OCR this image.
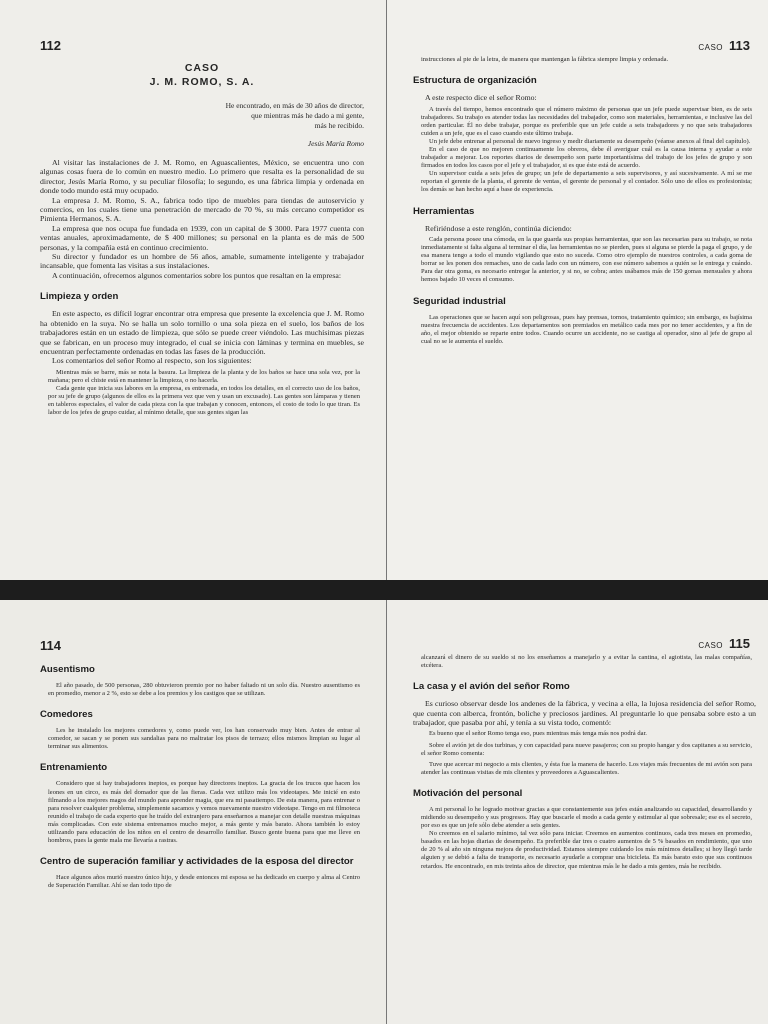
112
CASO
J. M. ROMO, S. A.
He encontrado, en más de 30 años de director,
que mientras más he dado a mi gente,
más he recibido.
Jesús María Romo

Al visitar las instalaciones de J. M. Romo, en Aguascalientes, México, se encuentra uno con algunas cosas fuera de lo común en nuestro medio. Lo primero que resalta es la personalidad de su director, Jesús María Romo, y su peculiar filosofía; lo segundo, es una fábrica limpia y ordenada en donde todo mundo está muy ocupado.

La empresa J. M. Romo, S. A., fabrica todo tipo de muebles para tiendas de autoservicio y comercios, en los cuales tiene una penetración de mercado de 70 %, su más cercano competidor es Pimienta Hermanos, S. A.

La empresa que nos ocupa fue fundada en 1939, con un capital de $ 3000. Para 1977 cuenta con ventas anuales, aproximadamente, de $ 400 millones; su personal en la planta es de más de 500 personas, y la compañía está en continuo crecimiento.

Su director y fundador es un hombre de 56 años, amable, sumamente inteligente y trabajador incansable, que fomenta las visitas a sus instalaciones.

A continuación, ofrecemos algunos comentarios sobre los puntos que resaltan en la empresa:

Limpieza y orden

En este aspecto, es difícil lograr encontrar otra empresa que presente la excelencia que J. M. Romo ha obtenido en la suya. No se halla un solo tornillo o una sola pieza en el suelo, los baños de los trabajadores están en un estado de limpieza, que sólo se puede creer viéndolo. Las muchísimas piezas que se fabrican, en un proceso muy integrado, el cual se inicia con láminas y termina en muebles, se encuentran perfectamente ordenadas en todas las fases de la producción.

Los comentarios del señor Romo al respecto, son los siguientes:

Mientras más se barre, más se nota la basura. La limpieza de la planta y de los baños se hace una sola vez, por la mañana; pero el chiste está en mantener la limpieza, o no hacerla.
Cada gente que inicia sus labores en la empresa, es entrenada, en todos los detalles, en el correcto uso de los baños, por su jefe de grupo (algunos de ellos es la primera vez que ven y usan un excusado). Las gentes son lámparas y tienen en tableros especiales, el valor de cada pieza con la que trabajan y conocen, entonces, el costo de todo lo que tiran. Es labor de los jefes de grupo cuidar, al mínimo detalle, que sus gentes sigan las
CASO 113
instrucciones al pie de la letra, de manera que mantengan la fábrica siempre limpia y ordenada.
Estructura de organización

A este respecto dice el señor Romo:

A través del tiempo, hemos encontrado que el número máximo de personas que un jefe puede supervisar bien, es de seis trabajadores. Su trabajo es atender todas las necesidades del trabajador, como son materiales, herramientas, e inclusive las del orden particular. Él no debe trabajar, porque es preferible que un jefe cuide a seis trabajadores y no que seis trabajadores cuiden a un jefe, que es el caso cuando este último trabaja.
Un jefe debe entrenar al personal de nuevo ingreso y medir diariamente su desempeño (véanse anexos al final del capítulo).
En el caso de que no mejoren continuamente los obreros, debe él averiguar cuál es la causa interna y ayudar a este trabajador a mejorar. Los reportes diarios de desempeño son parte importantísima del trabajo de los jefes de grupo y son firmados en todos los casos por el jefe y el trabajador, si es que éste está de acuerdo.
Un supervisor cuida a seis jefes de grupo; un jefe de departamento a seis supervisores, y así sucesivamente. A mí se me reportan el gerente de la planta, el gerente de ventas, el gerente de personal y el contador. Sólo uno de ellos es profesionista; los demás se han hecho aquí a base de experiencia.
Herramientas

Refiriéndose a este renglón, continúa diciendo:

Cada persona posee una cómoda, en la que guarda sus propias herramientas, que son las necesarias para su trabajo, se nota inmediatamente si falta alguna al terminar el día, las herramientas no se pierden, pues si alguna se pierde la paga el grupo, y de esa manera tengo a todo el mundo vigilando que esto no suceda. Como otro ejemplo de nuestros controles, a cada goma de borrar se les ponen dos remaches, uno de cada lado con un número, con ese número sabemos a quién se le entrega y cuándo. Para dar otra goma, es necesario entregar la anterior, y si no, se cobra; antes usábamos más de 150 gomas mensuales y ahora hemos bajado 10 veces el consumo.
Seguridad industrial
Las operaciones que se hacen aquí son peligrosas, pues hay prensas, tornos, tratamiento químico; sin embargo, es bajísima nuestra frecuencia de accidentes. Los departamentos son premiados en metálico cada mes por no tener accidentes, y a fin de año, el mejor obtenido se reparte entre todos. Cuando ocurre un accidente, no se castiga al operador, sino al jefe de grupo al cual no se le aumenta el sueldo.
114
Ausentismo
El año pasado, de 500 personas, 280 obtuvieron premio por no haber faltado ni un solo día. Nuestro ausentismo es en promedio, menor a 2 %, esto se debe a los premios y los castigos que se utilizan.
Comedores
Les he instalado los mejores comedores y, como puede ver, los han conservado muy bien. Antes de entrar al comedor, se sacan y se ponen sus sandalias para no maltratar los pisos de terrazo; ellos mismos limpian su lugar al terminar sus alimentos.
Entrenamiento
Considero que si hay trabajadores ineptos, es porque hay directores ineptos. La gracia de los trucos que hacen los leones en un circo, es más del domador que de las fieras. Cada vez utilizo más los videotapes. Me inicié en esto filmando a los mejores magos del mundo para aprender magia, que era mi pasatiempo. De esta manera, para entrenar o para resolver cualquier problema, simplemente sacamos y vemos nuevamente nuestro videotape. Tengo en mi filmoteca reunido el trabajo de cada experto que he traído del extranjero para enseñarnos a manejar con detalle nuestras máquinas más complicadas. Con este sistema entrenamos mucho mejor, a más gente y más barato. Ahora también lo estoy utilizando para educación de los niños en el centro de desarrollo familiar. Busco gente buena para que me lleve en hombros, pues la gente mala me llevaría a rastras.
Centro de superación familiar y actividades de la esposa del director
Hace algunos años murió nuestro único hijo, y desde entonces mi esposa se ha dedicado en cuerpo y alma al Centro de Superación Familiar. Ahí se dan todo tipo de
CASO 115
alcanzará el dinero de su sueldo si no los enseñamos a manejarlo y a evitar la cantina, el agiotista, las malas compañías, etcétera.
La casa y el avión del señor Romo

Es curioso observar desde los andenes de la fábrica, y vecina a ella, la lujosa residencia del señor Romo, que cuenta con alberca, frontón, boliche y preciosos jardines. Al preguntarle lo que pensaba sobre esto a un trabajador, que pasaba por ahí, y tenía a su vista todo, comentó:

Es bueno que el señor Romo tenga eso, pues mientras más tenga más nos podrá dar.
Sobre el avión jet de dos turbinas, y con capacidad para nueve pasajeros; con su propio hangar y dos capitanes a su servicio, el señor Romo comenta:
Tuve que acercar mi negocio a mis clientes, y ésta fue la manera de hacerlo. Los viajes más frecuentes de mi avión son para atender las continuas visitas de mis clientes y proveedores a Aguascalientes.
Motivación del personal
A mi personal lo he logrado motivar gracias a que constantemente sus jefes están analizando su capacidad, desarrollando y midiendo su desempeño y sus progresos. Hay que buscarle el modo a cada gente y estimular al que sobresale; ese es el secreto, por eso es que un jefe sólo debe atender a seis gentes.
No creemos en el salario mínimo, tal vez sólo para iniciar. Creemos en aumentos continuos, cada tres meses en promedio, basados en las hojas diarias de desempeño. Es preferible dar tres o cuatro aumentos de 5 % basados en rendimiento, que uno de 20 % al año sin ninguna mejora de productividad. Estamos siempre cuidando los más mínimos detalles; si hoy llegó tarde alguien y se debió a falta de transporte, es necesario ayudarle a comprar una bicicleta. Es más barato esto que sus continuos retardos. He encontrado, en mis treinta años de director, que mientras más le he dado a mis gentes, más he recibido.
